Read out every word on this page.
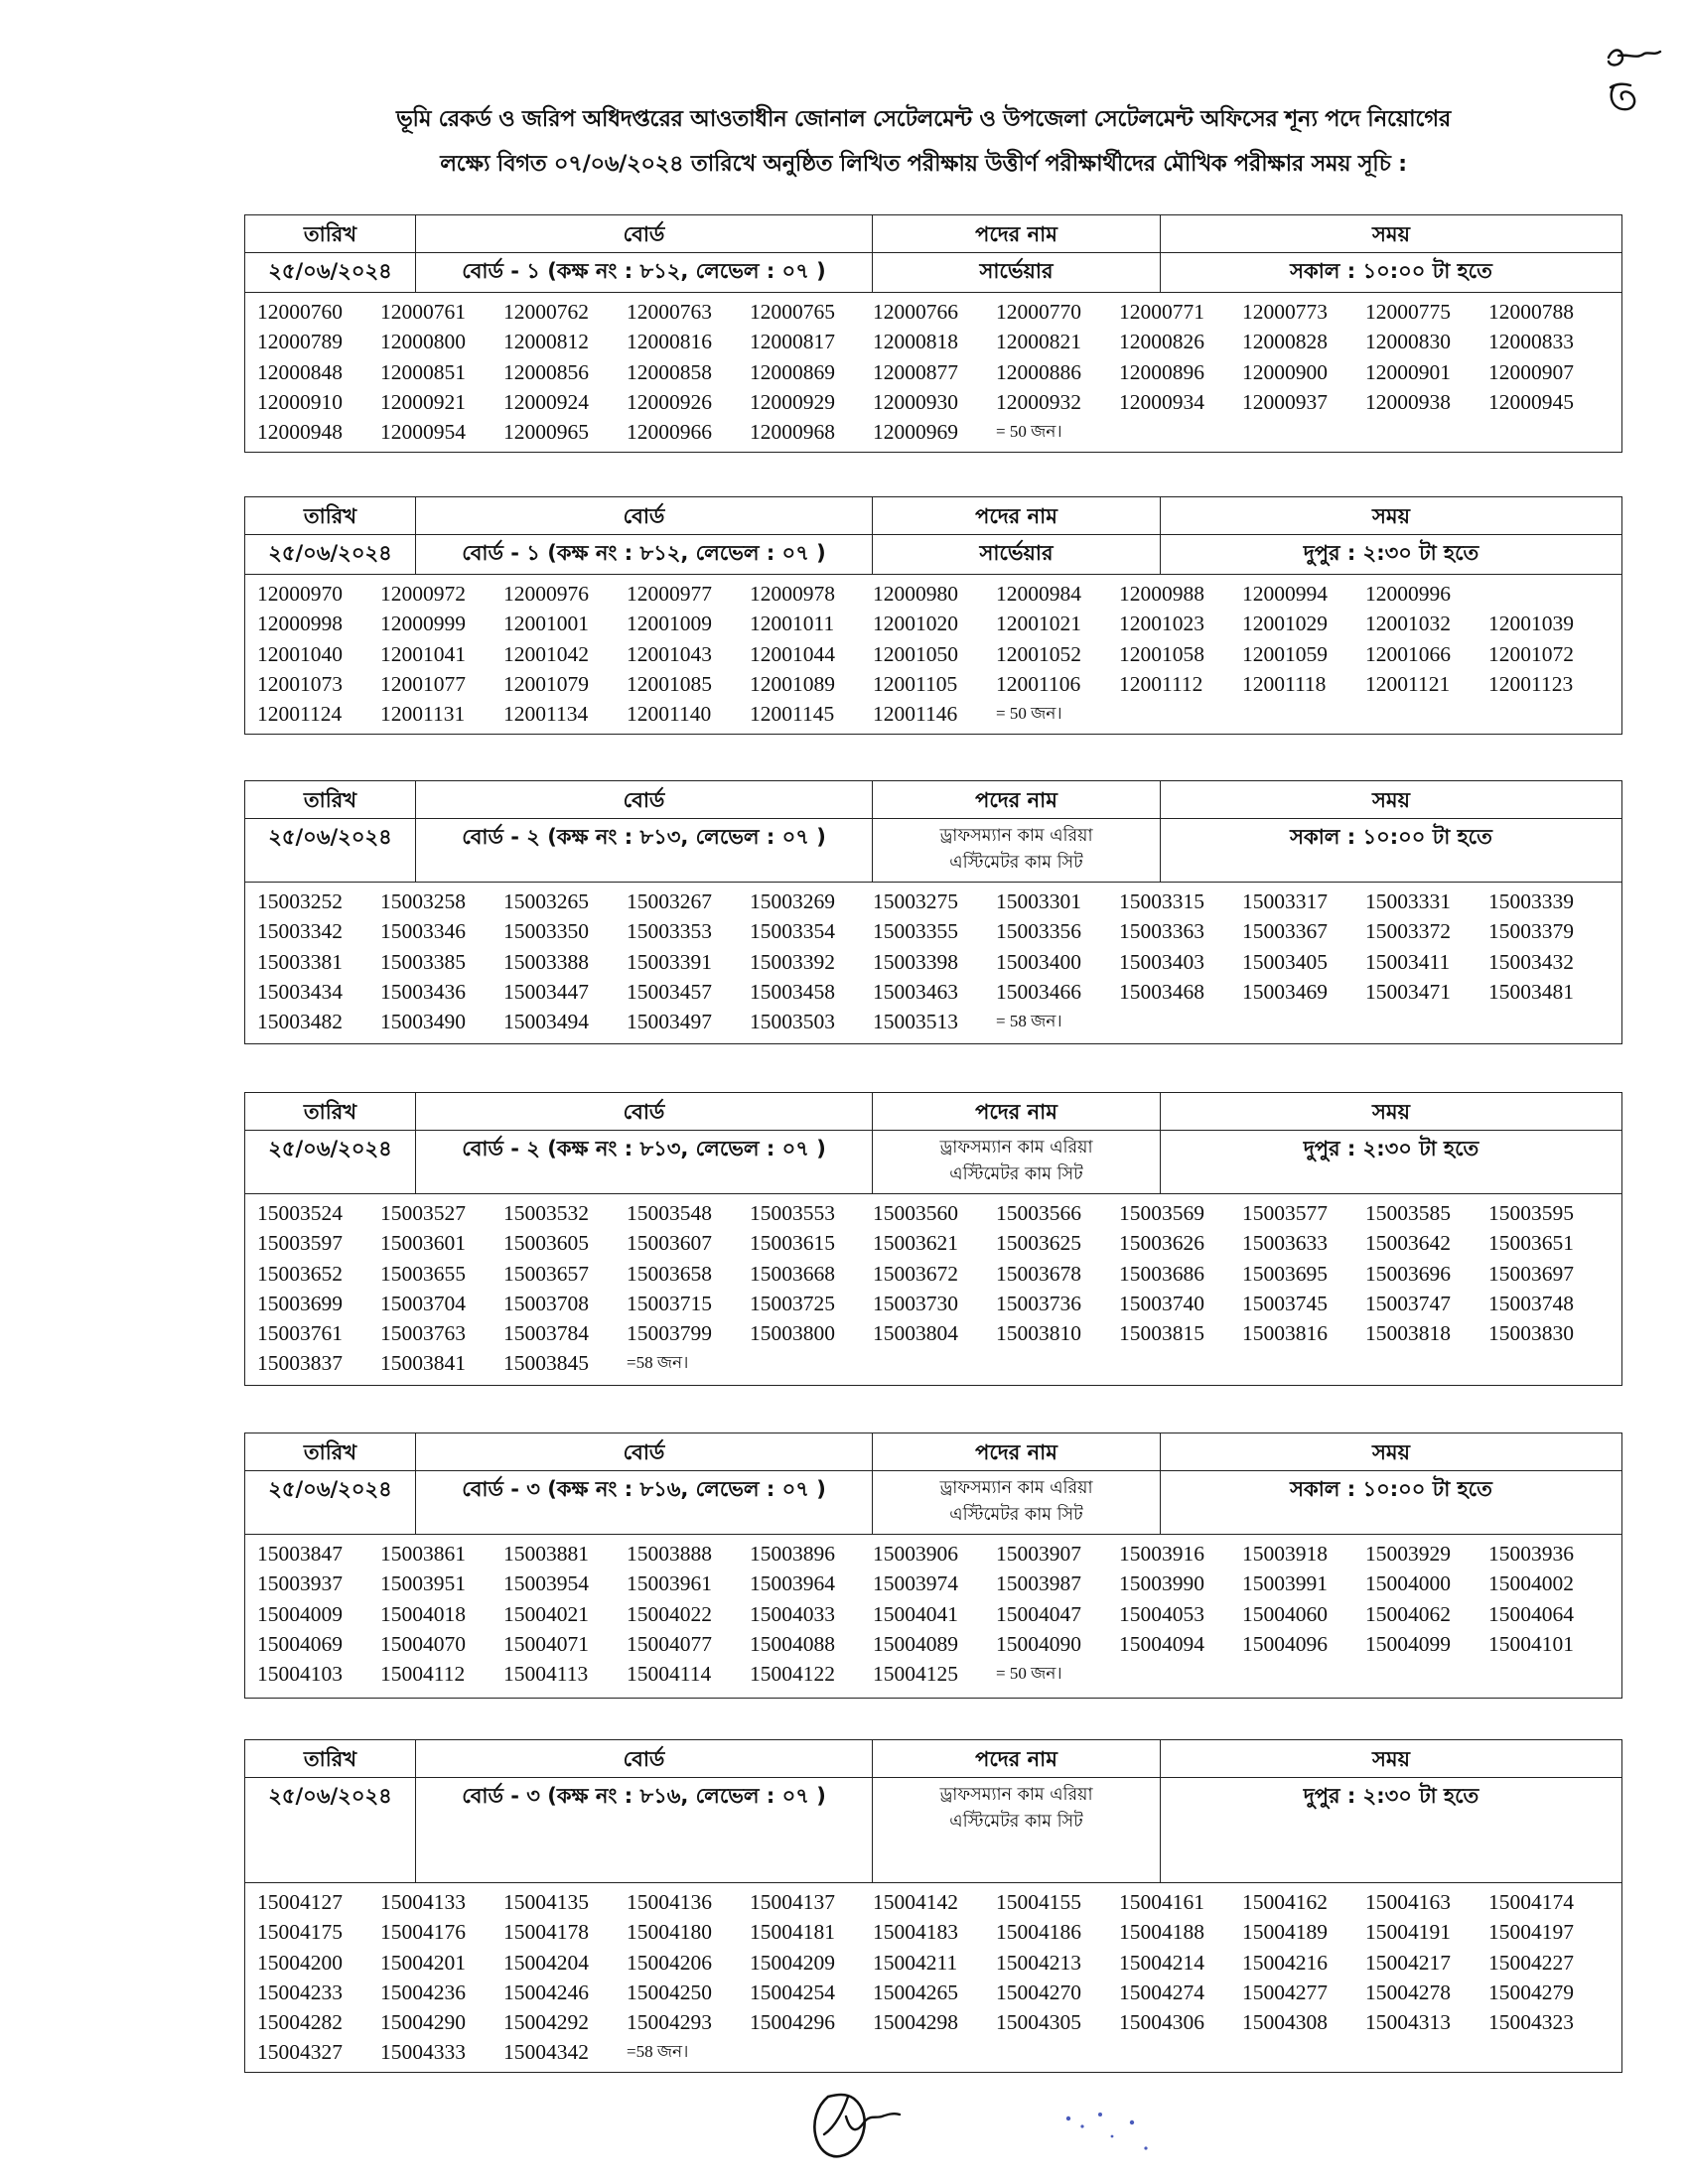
ভূমি রেকর্ড ও জরিপ অধিদপ্তরের আওতাধীন জোনাল সেটেলমেন্ট ও উপজেলা সেটেলমেন্ট অফিসের শূন্য পদে নিয়োগের
লক্ষ্যে বিগত ০৭/০৬/২০২৪ তারিখে অনুষ্ঠিত লিখিত পরীক্ষায় উত্তীর্ণ পরীক্ষার্থীদের মৌখিক পরীক্ষার সময় সূচি :
তারিখ	বোর্ড	পদের নাম	সময়
২৫/০৬/২০২৪	বোর্ড - ১ (কক্ষ নং : ৮১২, লেভেল : ০৭ )	সার্ভেয়ার	সকাল : ১০:০০ টা হতে
12000760	12000761	12000762	12000763	12000765	12000766	12000770	12000771	12000773	12000775	12000788
12000789	12000800	12000812	12000816	12000817	12000818	12000821	12000826	12000828	12000830	12000833
12000848	12000851	12000856	12000858	12000869	12000877	12000886	12000896	12000900	12000901	12000907
12000910	12000921	12000924	12000926	12000929	12000930	12000932	12000934	12000937	12000938	12000945
12000948	12000954	12000965	12000966	12000968	12000969	= 50 জন।
তারিখ	বোর্ড	পদের নাম	সময়
২৫/০৬/২০২৪	বোর্ড - ১ (কক্ষ নং : ৮১২, লেভেল : ০৭ )	সার্ভেয়ার	দুপুর : ২:৩০ টা হতে
12000970	12000972	12000976	12000977	12000978	12000980	12000984	12000988	12000994	12000996
12000998	12000999	12001001	12001009	12001011	12001020	12001021	12001023	12001029	12001032	12001039
12001040	12001041	12001042	12001043	12001044	12001050	12001052	12001058	12001059	12001066	12001072
12001073	12001077	12001079	12001085	12001089	12001105	12001106	12001112	12001118	12001121	12001123
12001124	12001131	12001134	12001140	12001145	12001146	= 50 জন।
তারিখ	বোর্ড	পদের নাম	সময়
২৫/০৬/২০২৪	বোর্ড - ২ (কক্ষ নং : ৮১৩, লেভেল : ০৭ )	ড্রাফসম্যান কাম এরিয়া
এস্টিমেটর কাম সিট
সকাল : ১০:০০ টা হতে
15003252	15003258	15003265	15003267	15003269	15003275	15003301	15003315	15003317	15003331	15003339
15003342	15003346	15003350	15003353	15003354	15003355	15003356	15003363	15003367	15003372	15003379
15003381	15003385	15003388	15003391	15003392	15003398	15003400	15003403	15003405	15003411	15003432
15003434	15003436	15003447	15003457	15003458	15003463	15003466	15003468	15003469	15003471	15003481
15003482	15003490	15003494	15003497	15003503	15003513	= 58 জন।
তারিখ	বোর্ড	পদের নাম	সময়
২৫/০৬/২০২৪	বোর্ড - ২ (কক্ষ নং : ৮১৩, লেভেল : ০৭ )	ড্রাফসম্যান কাম এরিয়া
এস্টিমেটর কাম সিট
দুপুর : ২:৩০ টা হতে
15003524	15003527	15003532	15003548	15003553	15003560	15003566	15003569	15003577	15003585	15003595
15003597	15003601	15003605	15003607	15003615	15003621	15003625	15003626	15003633	15003642	15003651
15003652	15003655	15003657	15003658	15003668	15003672	15003678	15003686	15003695	15003696	15003697
15003699	15003704	15003708	15003715	15003725	15003730	15003736	15003740	15003745	15003747	15003748
15003761	15003763	15003784	15003799	15003800	15003804	15003810	15003815	15003816	15003818	15003830
15003837	15003841	15003845	=58 জন।
তারিখ	বোর্ড	পদের নাম	সময়
২৫/০৬/২০২৪	বোর্ড - ৩ (কক্ষ নং : ৮১৬, লেভেল : ০৭ )	ড্রাফসম্যান কাম এরিয়া
এস্টিমেটর কাম সিট
সকাল : ১০:০০ টা হতে
15003847	15003861	15003881	15003888	15003896	15003906	15003907	15003916	15003918	15003929	15003936
15003937	15003951	15003954	15003961	15003964	15003974	15003987	15003990	15003991	15004000	15004002
15004009	15004018	15004021	15004022	15004033	15004041	15004047	15004053	15004060	15004062	15004064
15004069	15004070	15004071	15004077	15004088	15004089	15004090	15004094	15004096	15004099	15004101
15004103	15004112	15004113	15004114	15004122	15004125	= 50 জন।
তারিখ	বোর্ড	পদের নাম	সময়
২৫/০৬/২০২৪	বোর্ড - ৩ (কক্ষ নং : ৮১৬, লেভেল : ০৭ )	ড্রাফসম্যান কাম এরিয়া
এস্টিমেটর কাম সিট
দুপুর : ২:৩০ টা হতে
15004127	15004133	15004135	15004136	15004137	15004142	15004155	15004161	15004162	15004163	15004174
15004175	15004176	15004178	15004180	15004181	15004183	15004186	15004188	15004189	15004191	15004197
15004200	15004201	15004204	15004206	15004209	15004211	15004213	15004214	15004216	15004217	15004227
15004233	15004236	15004246	15004250	15004254	15004265	15004270	15004274	15004277	15004278	15004279
15004282	15004290	15004292	15004293	15004296	15004298	15004305	15004306	15004308	15004313	15004323
15004327	15004333	15004342	=58 জন।
